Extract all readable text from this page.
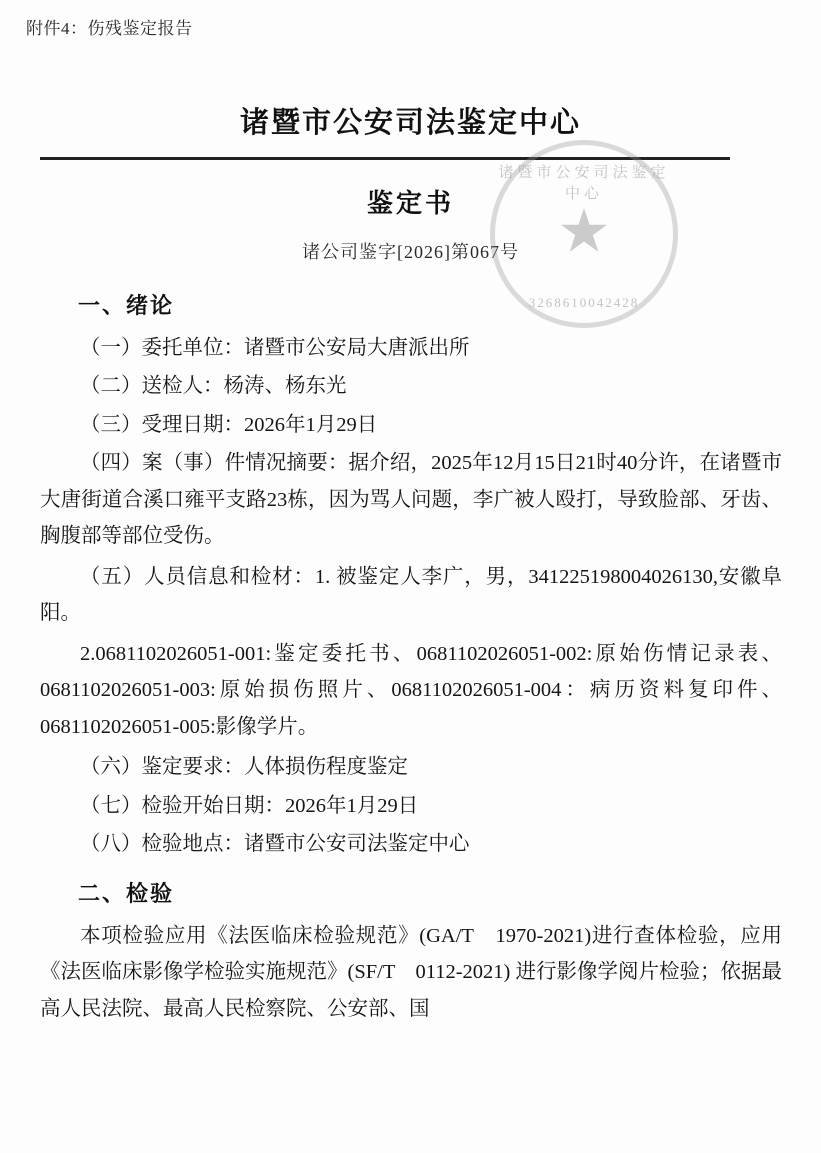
附件4：伤残鉴定报告
诸暨市公安司法鉴定中心
鉴定书
诸公司鉴字[2026]第067号
诸暨市公安司法鉴定中心
★
3268610042428
一、绪论

（一）委托单位：诸暨市公安局大唐派出所

（二）送检人：杨涛、杨东光

（三）受理日期：2026年1月29日

（四）案（事）件情况摘要：据介绍，2025年12月15日21时40分许，在诸暨市大唐街道合溪口雍平支路23栋，因为骂人问题，李广被人殴打，导致脸部、牙齿、胸腹部等部位受伤。

（五）人员信息和检材：1. 被鉴定人李广，男，341225198004026130,安徽阜阳。

2.0681102026051-001:鉴定委托书、0681102026051-002:原始伤情记录表、0681102026051-003:原始损伤照片、0681102026051-004：病历资料复印件、0681102026051-005:影像学片。

（六）鉴定要求：人体损伤程度鉴定

（七）检验开始日期：2026年1月29日

（八）检验地点：诸暨市公安司法鉴定中心

二、检验

本项检验应用《法医临床检验规范》(GA/T　1970-2021)进行查体检验，应用《法医临床影像学检验实施规范》(SF/T　0112-2021) 进行影像学阅片检验；依据最高人民法院、最高人民检察院、公安部、国
